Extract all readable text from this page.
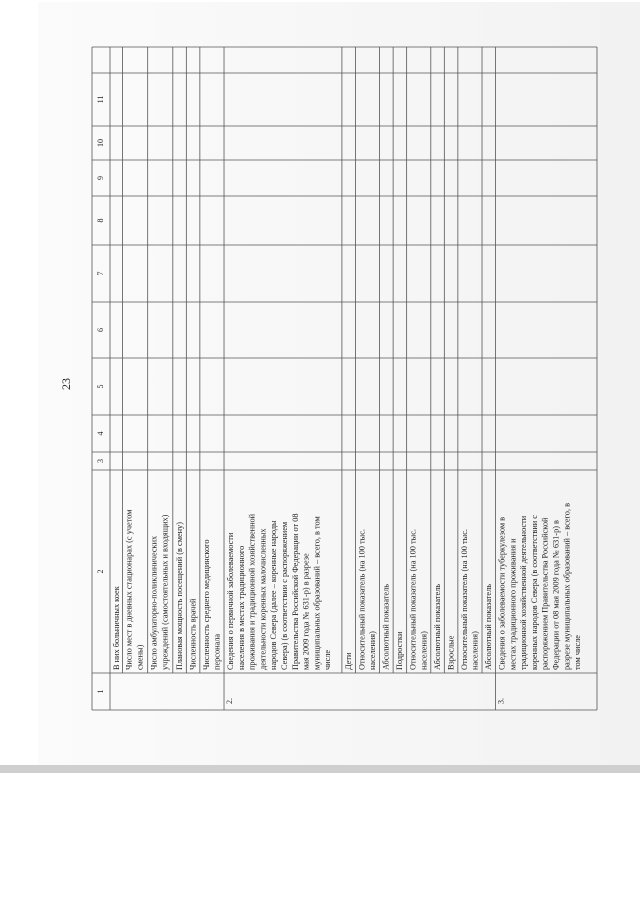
23
1
2
3
4
5
6
7
8
9
10
11
В них больничных коек Число мест в дневных стационарах (с учетом смены) Число амбулаторно-поликлинических учреждений (самостоятельных и входящих) Плановая мощность посещений (в смену) Численность врачей Численность среднего медицинского персонала
2.
Сведения о первичной заболеваемости населения в местах традиционного проживания и традиционной хозяйственной деятельности коренных малочисленных народов Севера (далее – коренные народы Севера) (в соответствии с распоряжением Правительства Российской Федерации от 08 мая 2009 года № 631-р) в разрезе муниципальных образований – всего, в том числе Дети Относительный показатель (на 100 тыс. населения) Абсолютный показатель Подростки Относительный показатель (на 100 тыс. населения) Абсолютный показатель Взрослые Относительный показатель (на 100 тыс. населения) Абсолютный показатель
3.
Сведения о заболеваемости туберкулезом в местах традиционного проживания и традиционной хозяйственной деятельности коренных народов Севера (в соответствии с распоряжением Правительства Российской Федерации от 08 мая 2009 года № 631-р) в разрезе муниципальных образований – всего, в том числе
